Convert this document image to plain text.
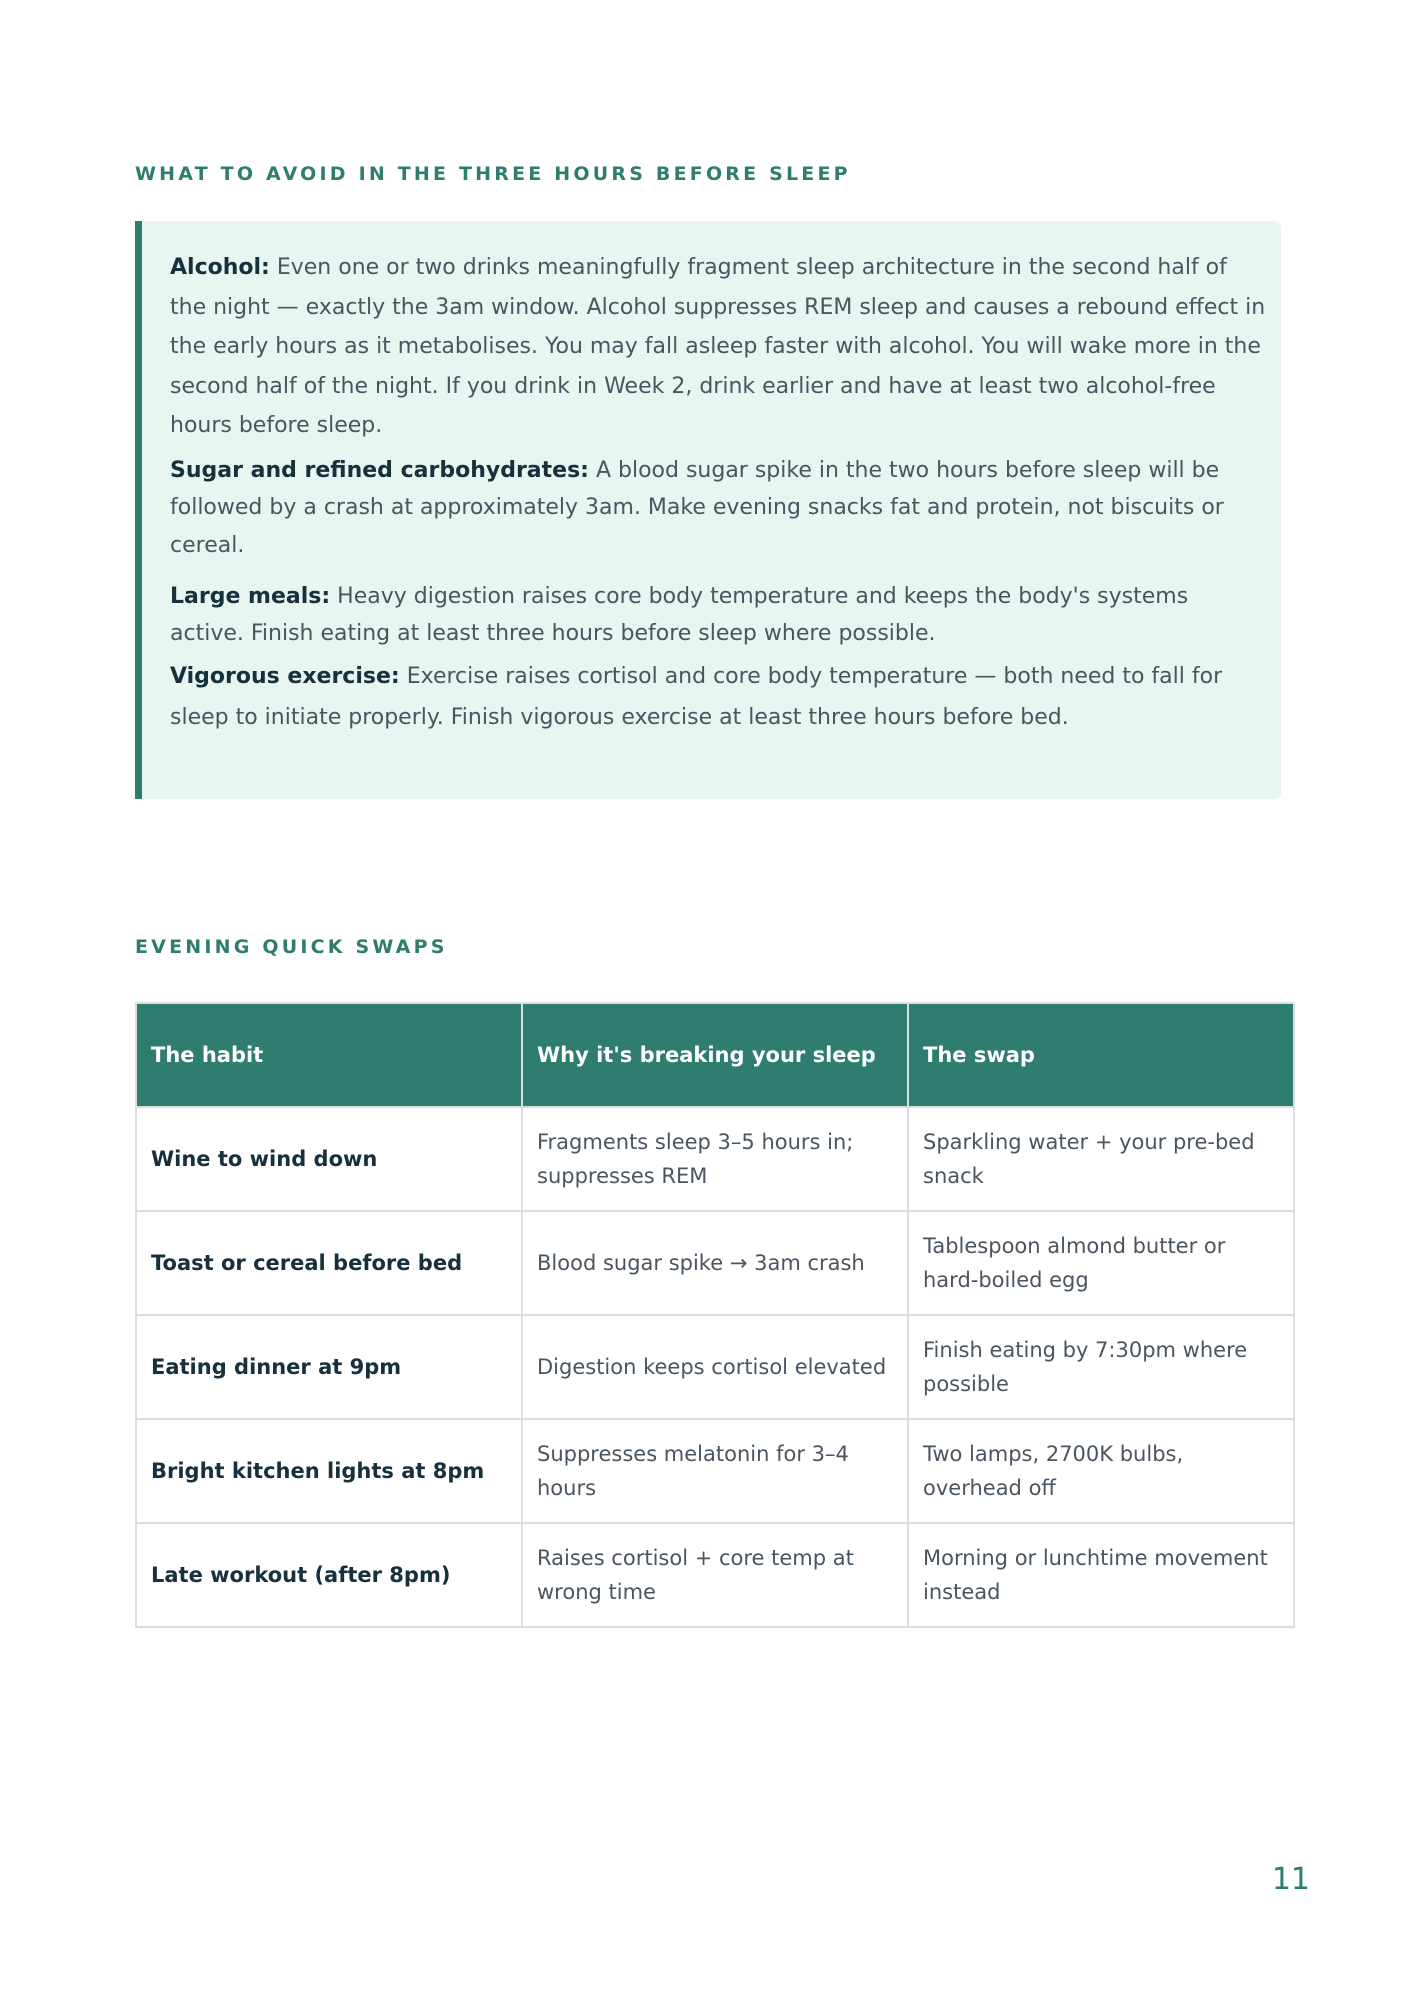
WHAT TO AVOID IN THE THREE HOURS BEFORE SLEEP

Alcohol: Even one or two drinks meaningfully fragment sleep architecture in the second half of the night — exactly the 3am window. Alcohol suppresses REM sleep and causes a rebound effect in the early hours as it metabolises. You may fall asleep faster with alcohol. You will wake more in the second half of the night. If you drink in Week 2, drink earlier and have at least two alcohol-free hours before sleep.

Sugar and refined carbohydrates: A blood sugar spike in the two hours before sleep will be followed by a crash at approximately 3am. Make evening snacks fat and protein, not biscuits or cereal.

Large meals: Heavy digestion raises core body temperature and keeps the body's systems active. Finish eating at least three hours before sleep where possible.

Vigorous exercise: Exercise raises cortisol and core body temperature — both need to fall for sleep to initiate properly. Finish vigorous exercise at least three hours before bed.

EVENING QUICK SWAPS
The habit	Why it's breaking your sleep	The swap
Wine to wind down	Fragments sleep 3–5 hours in; suppresses REM	Sparkling water + your pre-bed snack
Toast or cereal before bed	Blood sugar spike → 3am crash	Tablespoon almond butter or hard-boiled egg
Eating dinner at 9pm	Digestion keeps cortisol elevated	Finish eating by 7:30pm where possible
Bright kitchen lights at 8pm	Suppresses melatonin for 3–4 hours	Two lamps, 2700K bulbs, overhead off
Late workout (after 8pm)	Raises cortisol + core temp at wrong time	Morning or lunchtime movement instead
11
